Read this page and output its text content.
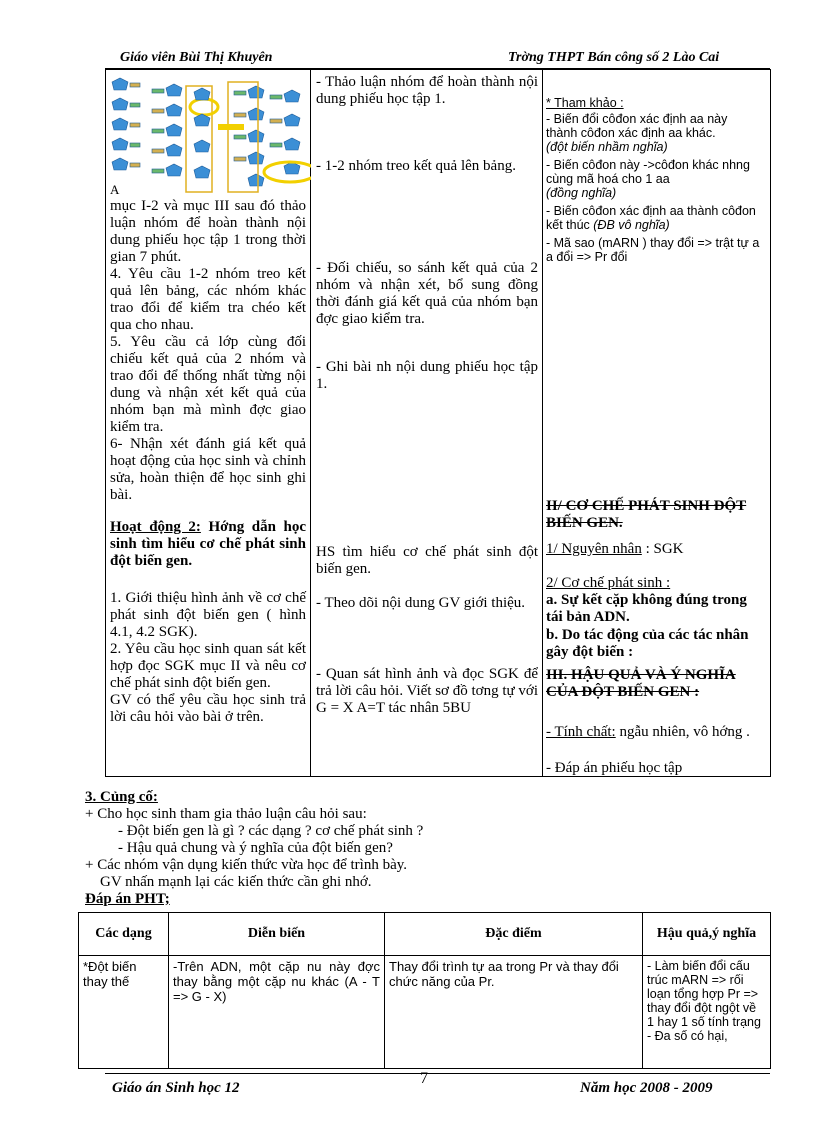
Giáo viên Bùi Thị Khuyên	Trờng THPT Bán công số 2 Lào Cai
A
mục I-2 và mục III sau đó thảo luận nhóm để hoàn thành nội dung phiếu học tập 1 trong thời gian 7 phút.
4. Yêu cầu 1-2 nhóm treo kết quả lên bảng, các nhóm khác trao đổi để kiểm tra chéo kết qua cho nhau.
5. Yêu cầu cả lớp cùng đối chiếu kết quả của 2 nhóm và trao đổi để thống nhất từng nội dung và nhận xét kết quả của nhóm bạn mà mình đợc giao kiểm tra.
6- Nhận xét đánh giá kết quả hoạt động của học sinh và chỉnh sửa, hoàn thiện để học sinh ghi bài.
Hoạt động 2: Hớng dẫn học sinh tìm hiểu cơ chế phát sinh đột biến gen.
1. Giới thiệu hình ảnh về cơ chế phát sinh đột biến gen ( hình 4.1, 4.2 SGK).
2. Yêu cầu học sinh quan sát kết hợp đọc SGK mục II và nêu cơ chế phát sinh đột biến gen.
GV có thể yêu cầu học sinh trả lời câu hỏi vào bài ở trên.

- Thảo luận nhóm để hoàn thành nội dung phiếu học tập 1.
- 1-2 nhóm treo kết quả lên bảng.
- Đối chiếu, so sánh kết quả của 2 nhóm và nhận xét, bổ sung đồng thời đánh giá kết quả của nhóm bạn đợc giao kiểm tra.
- Ghi bài nh nội dung phiếu học tập 1.
HS tìm hiểu cơ chế phát sinh đột biến gen.
- Theo dõi nội dung GV giới thiệu.
- Quan sát hình ảnh và đọc SGK để trả lời câu hỏi. Viết sơ đồ tơng tự với G = X A=T tác nhân 5BU

* Tham khảo :
- Biến đổi côđon xác định aa này thành côđon xác định aa khác.
(đột biến nhầm nghĩa)
- Biến côđon này ->côđon khác nhng cùng mã hoá cho 1 aa
(đồng nghĩa)
- Biến côđon xác định aa thành côđon kết thúc (ĐB vô nghĩa)
- Mã sao (mARN ) thay đổi => trật tự a a đổi => Pr đổi
II/ CƠ CHẾ PHÁT SINH ĐỘT BIẾN GEN.
1/ Nguyên nhân : SGK
2/ Cơ chế phát sinh :
a. Sự kết cặp không đúng trong tái bản ADN.
b. Do tác động của các tác nhân gây đột biến :
III. HẬU QUẢ VÀ Ý NGHĨA CỦA ĐỘT BIẾN GEN :
- Tính chất: ngẫu nhiên, vô hớng .
- Đáp án phiếu học tập
3. Củng cố:
+ Cho học sinh tham gia thảo luận câu hỏi sau:
- Đột biến gen là gì ? các dạng ? cơ chế phát sinh ?
- Hậu quả chung và ý nghĩa của đột biến gen?
+ Các nhóm vận dụng kiến thức vừa học để trình bày.
GV nhấn mạnh lại các kiến thức cần ghi nhớ.
Đáp án PHT;
Các dạng	Diễn biến	Đặc điểm	Hậu quả,ý nghĩa
*Đột biến thay thế	-Trên ADN, một cặp nu này đợc thay bằng một cặp nu khác (A - T => G - X)	Thay đổi trình tự aa trong Pr và thay đổi chức năng của Pr.	- Làm biến đổi cấu trúc mARN => rối loạn tổng hợp Pr => thay đổi đột ngột về 1 hay 1 số tính trạng
- Đa số có hại,
Giáo án Sinh học 12
7
Năm học 2008 - 2009
